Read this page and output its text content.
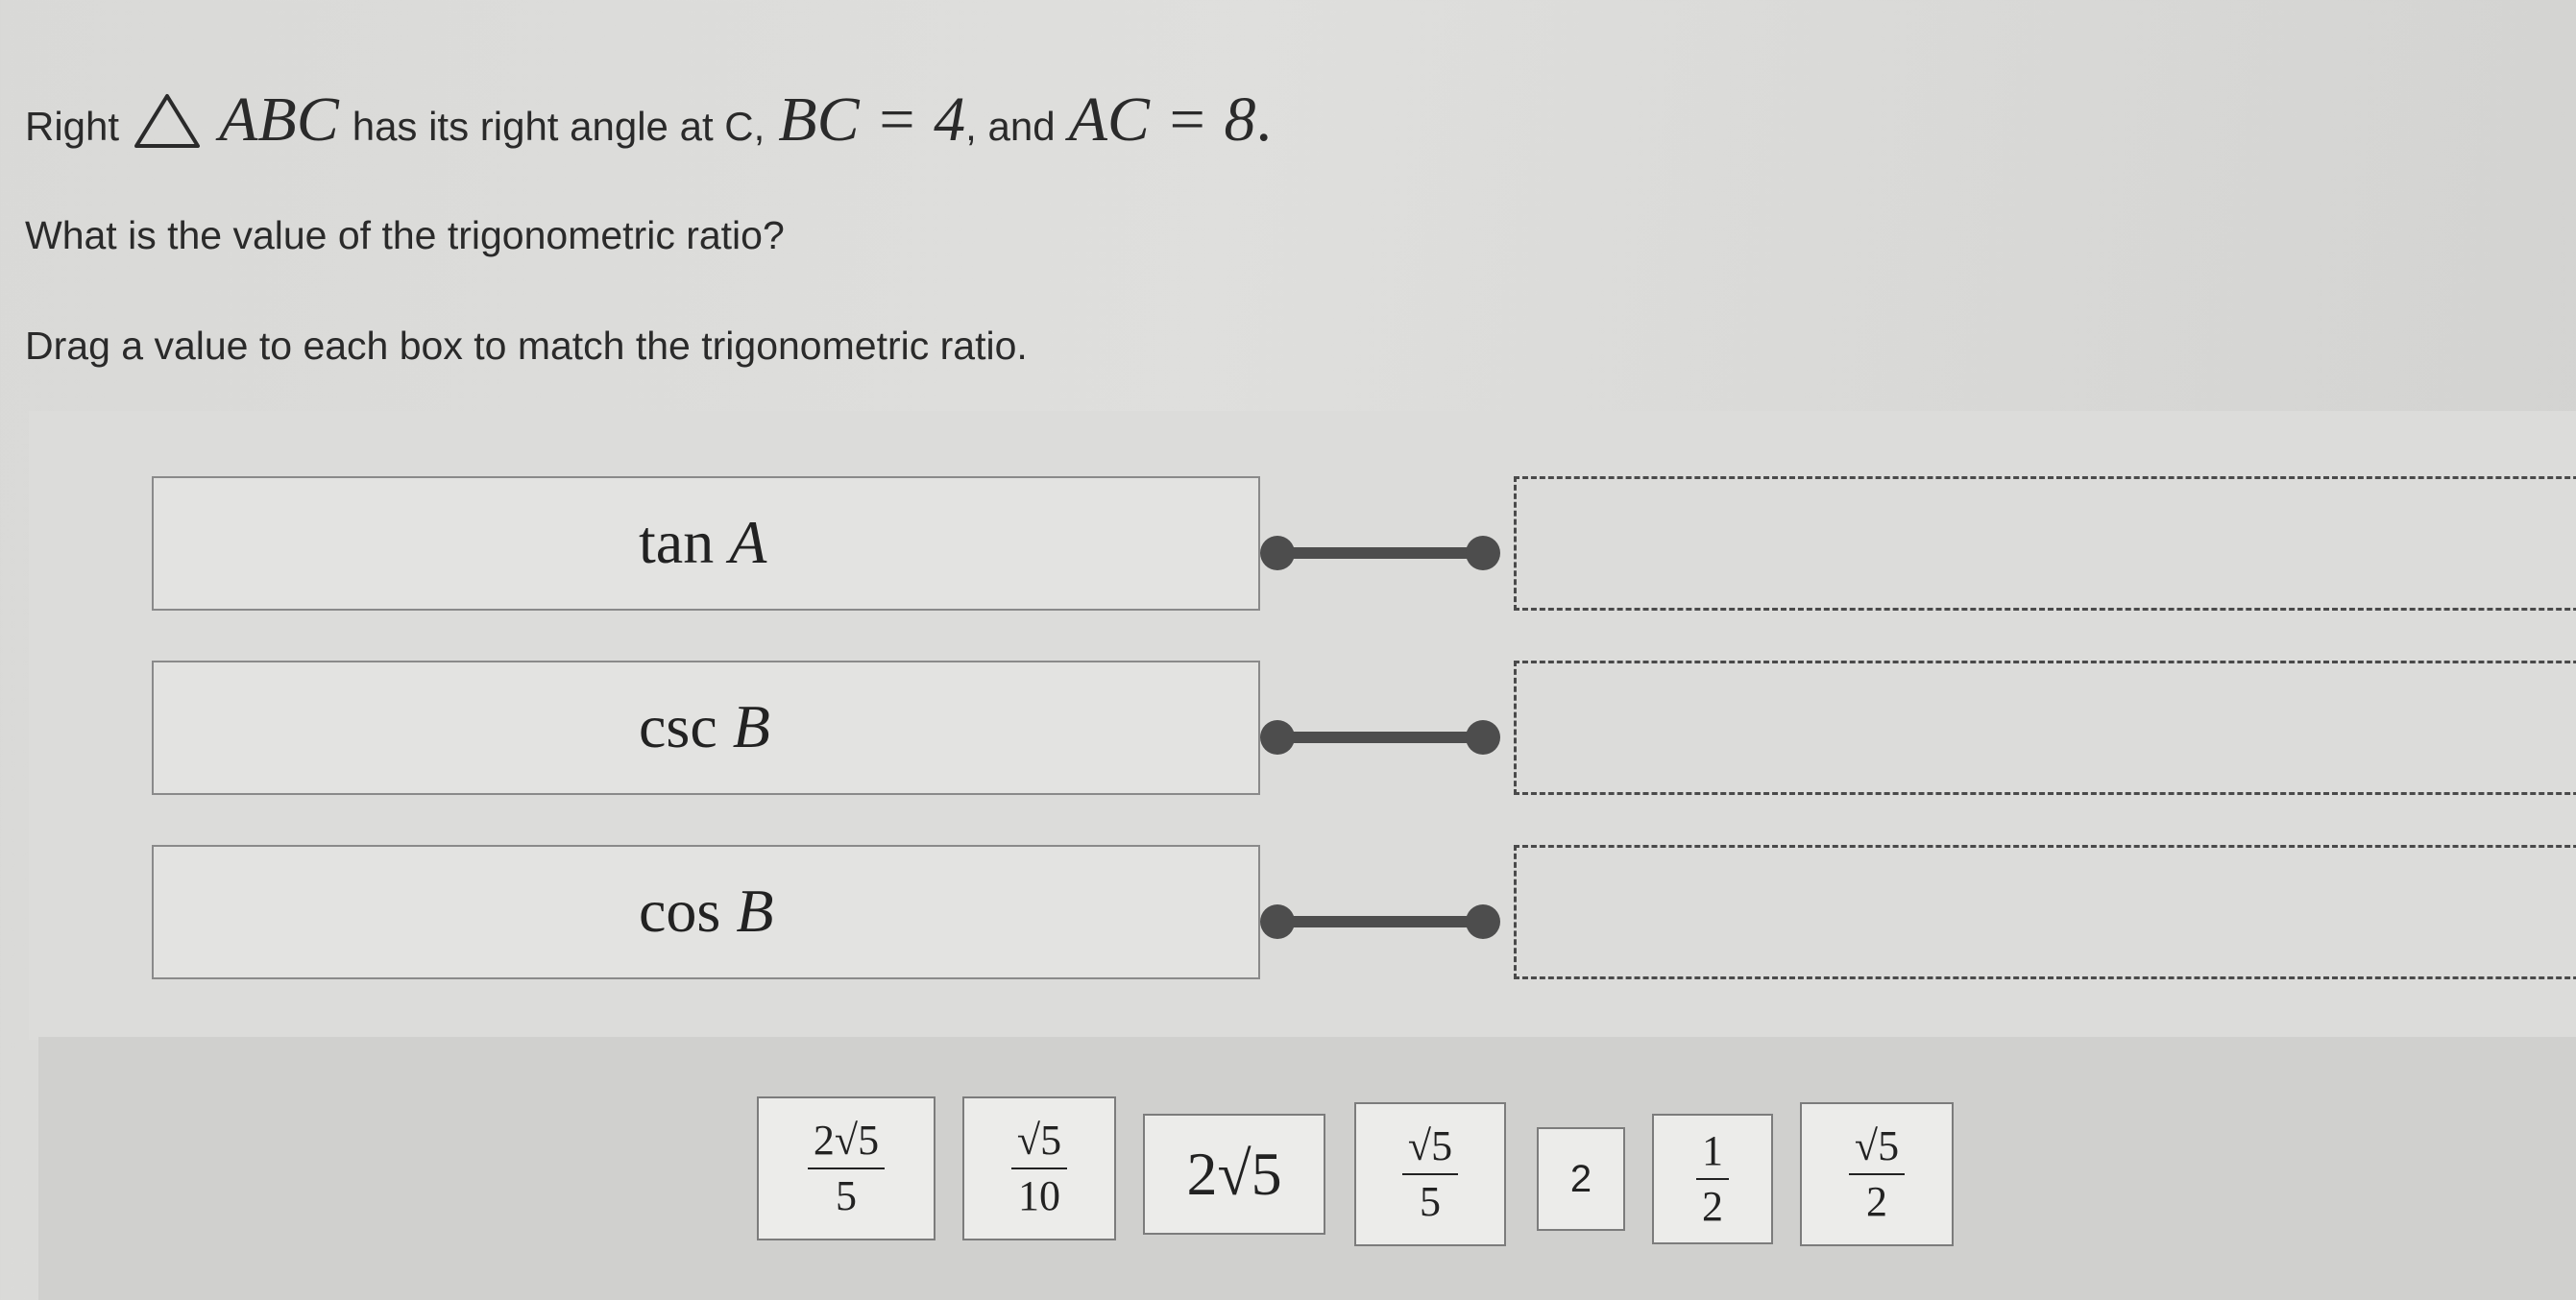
Right ABC has its right angle at C, BC = 4 , and AC = 8 .
What is the value of the trigonometric ratio?
Drag a value to each box to match the trigonometric ratio.
tan A
csc B
cos B
$\frac{2√5}{5}$	$\frac{√5}{10}$	2√5	$\frac{√5}{5}$	2	$\frac{1}{2}$	$\frac{√5}{2}$
